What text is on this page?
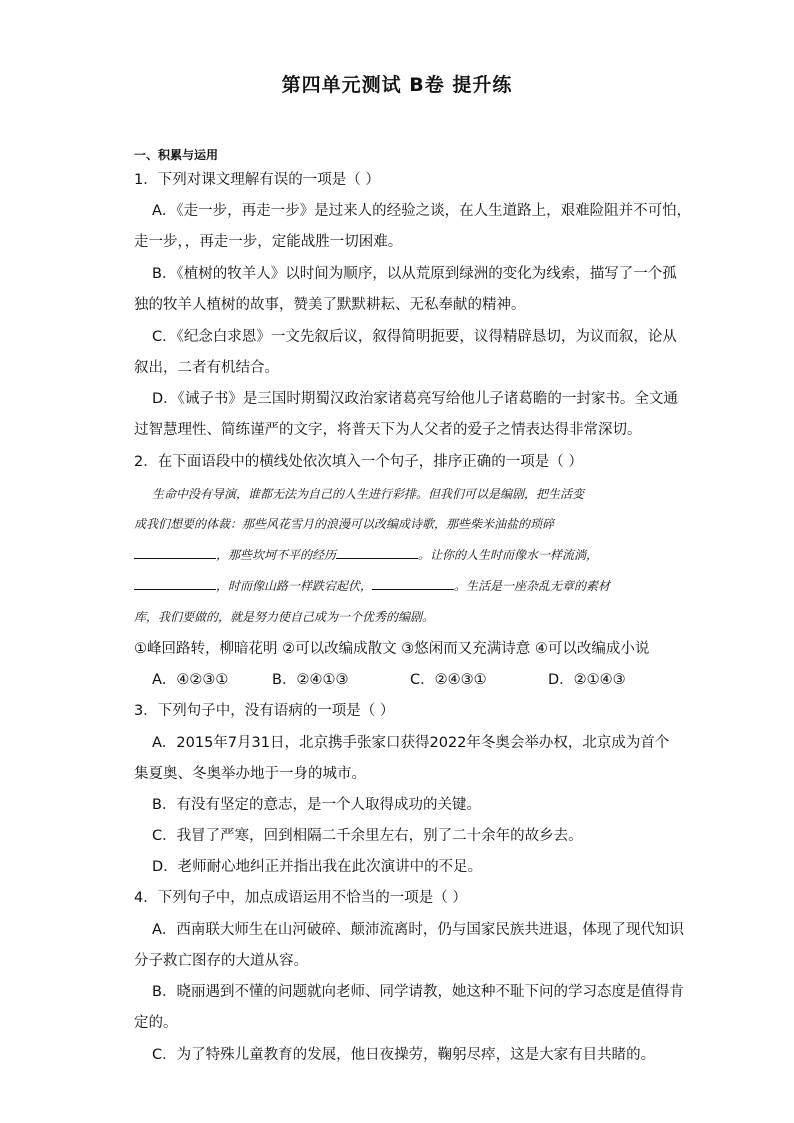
第四单元测试 B卷 提升练
一、积累与运用
1．下列对课文理解有误的一项是（ ）
A．《走一步，再走一步》是过来人的经验之谈，在人生道路上，艰难险阻并不可怕，
走一步，，再走一步，定能战胜一切困难。
B．《植树的牧羊人》以时间为顺序，以从荒原到绿洲的变化为线索，描写了一个孤
独的牧羊人植树的故事，赞美了默默耕耘、无私奉献的精神。
C．《纪念白求恩》一文先叙后议，叙得简明扼要，议得精辟恳切，为议而叙，论从
叙出，二者有机结合。
D．《诫子书》是三国时期蜀汉政治家诸葛亮写给他儿子诸葛瞻的一封家书。全文通
过智慧理性、简练谨严的文字，将普天下为人父者的爱子之情表达得非常深切。
2．在下面语段中的横线处依次填入一个句子，排序正确的一项是（ ）
生命中没有导演，谁都无法为自己的人生进行彩排。但我们可以是编剧，把生活变
成我们想要的体裁：那些风花雪月的浪漫可以改编成诗歌，那些柴米油盐的琐碎
，那些坎坷不平的经历	。让你的人生时而像水一样流淌，
，时而像山路一样跌宕起伏，	。生活是一座杂乱无章的素材
库，我们要做的，就是努力使自己成为一个优秀的编剧。
①峰回路转，柳暗花明 ②可以改编成散文 ③悠闲而又充满诗意 ④可以改编成小说
A．④②③①	B．②④①③	C．②④③①	D．②①④③
3．下列句子中，没有语病的一项是（ ）
A．2015年7月31日，北京携手张家口获得2022年冬奥会举办权，北京成为首个
集夏奥、冬奥举办地于一身的城市。
B．有没有坚定的意志，是一个人取得成功的关键。
C．我冒了严寒，回到相隔二千余里左右，别了二十余年的故乡去。
D．老师耐心地纠正并指出我在此次演讲中的不足。
4．下列句子中，加点成语运用不恰当的一项是（ ）
A．西南联大师生在山河破碎、颠沛流离时，仍与国家民族共进退，体现了现代知识
分子救亡图存的大道从容。
B．晓丽遇到不懂的问题就向老师、同学请教，她这种不耻下问的学习态度是值得肯
定的。
C．为了特殊儿童教育的发展，他日夜操劳，鞠躬尽瘁，这是大家有目共睹的。
